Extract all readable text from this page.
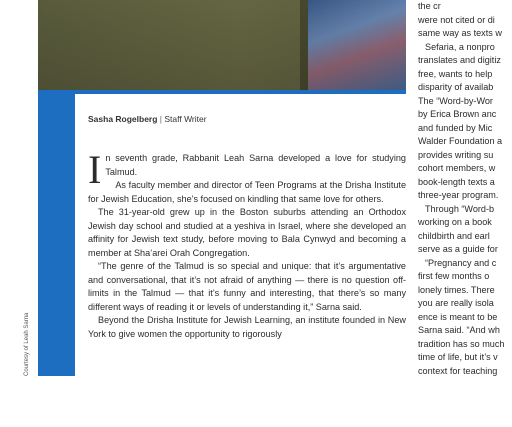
Courtesy of Leah Sarna
Sasha Rogelberg | Staff Writer

In seventh grade, Rabbanit Leah Sarna developed a love for studying Talmud.

As faculty member and director of Teen Programs at the Drisha Institute for Jewish Education, she’s focused on kindling that same love for others.

The 31-year-old grew up in the Boston suburbs attending an Orthodox Jewish day school and studied at a yeshiva in Israel, where she developed an affinity for Jewish text study, before moving to Bala Cynwyd and becoming a member at Sha’arei Orah Congregation.

“The genre of the Talmud is so special and unique: that it’s argumentative and conversational, that it’s not afraid of anything — there is no question off-limits in the Talmud — that it’s funny and interesting, that there’s so many different ways of reading it or levels of understanding it,” Sarna said.

Beyond the Drisha Institute for Jewish Learning, an institute founded in New York to give women the opportunity to rigorously

the cr
were not cited or di
same way as texts w
Sefaria, a nonpro
translates and digitiz
free, wants to help
disparity of availab
The “Word-by-Wor
by Erica Brown anc
and funded by Mic
Walder Foundation a
provides writing su
cohort members, w
book-length texts a
three-year program.
Through “Word-b
working on a book
childbirth and earl
serve as a guide for
“Pregnancy and c
first few months o
lonely times. There
you are really isola
ence is meant to be
Sarna said. “And wh
tradition has so much
time of life, but it’s v
context for teaching
